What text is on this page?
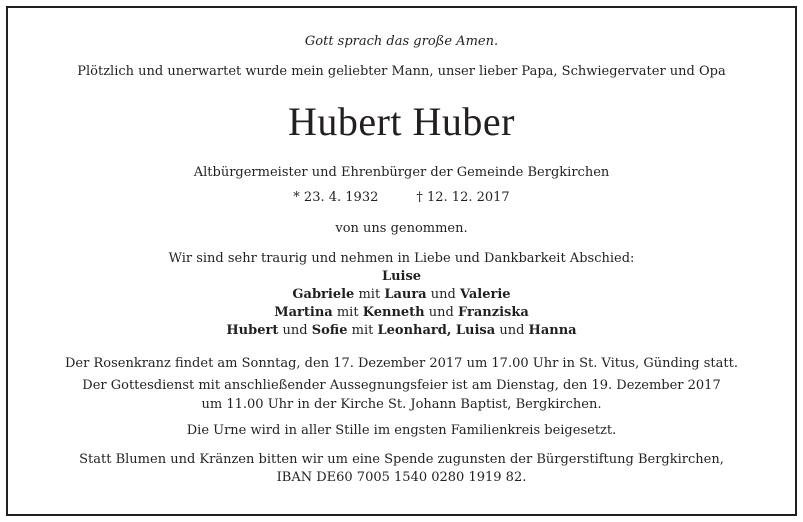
Gott sprach das große Amen.
Plötzlich und unerwartet wurde mein geliebter Mann, unser lieber Papa, Schwiegervater und Opa
Hubert Huber
Altbürgermeister und Ehrenbürger der Gemeinde Bergkirchen
* 23. 4. 1932	† 12. 12. 2017
von uns genommen.
Wir sind sehr traurig und nehmen in Liebe und Dankbarkeit Abschied:
Luise
Gabriele mit Laura und Valerie
Martina mit Kenneth und Franziska
Hubert und Sofie mit Leonhard, Luisa und Hanna
Der Rosenkranz findet am Sonntag, den 17. Dezember 2017 um 17.00 Uhr in St. Vitus, Günding statt.
Der Gottesdienst mit anschließender Aussegnungsfeier ist am Dienstag, den 19. Dezember 2017
um 11.00 Uhr in der Kirche St. Johann Baptist, Bergkirchen.
Die Urne wird in aller Stille im engsten Familienkreis beigesetzt.
Statt Blumen und Kränzen bitten wir um eine Spende zugunsten der Bürgerstiftung Bergkirchen,
IBAN DE60 7005 1540 0280 1919 82.
